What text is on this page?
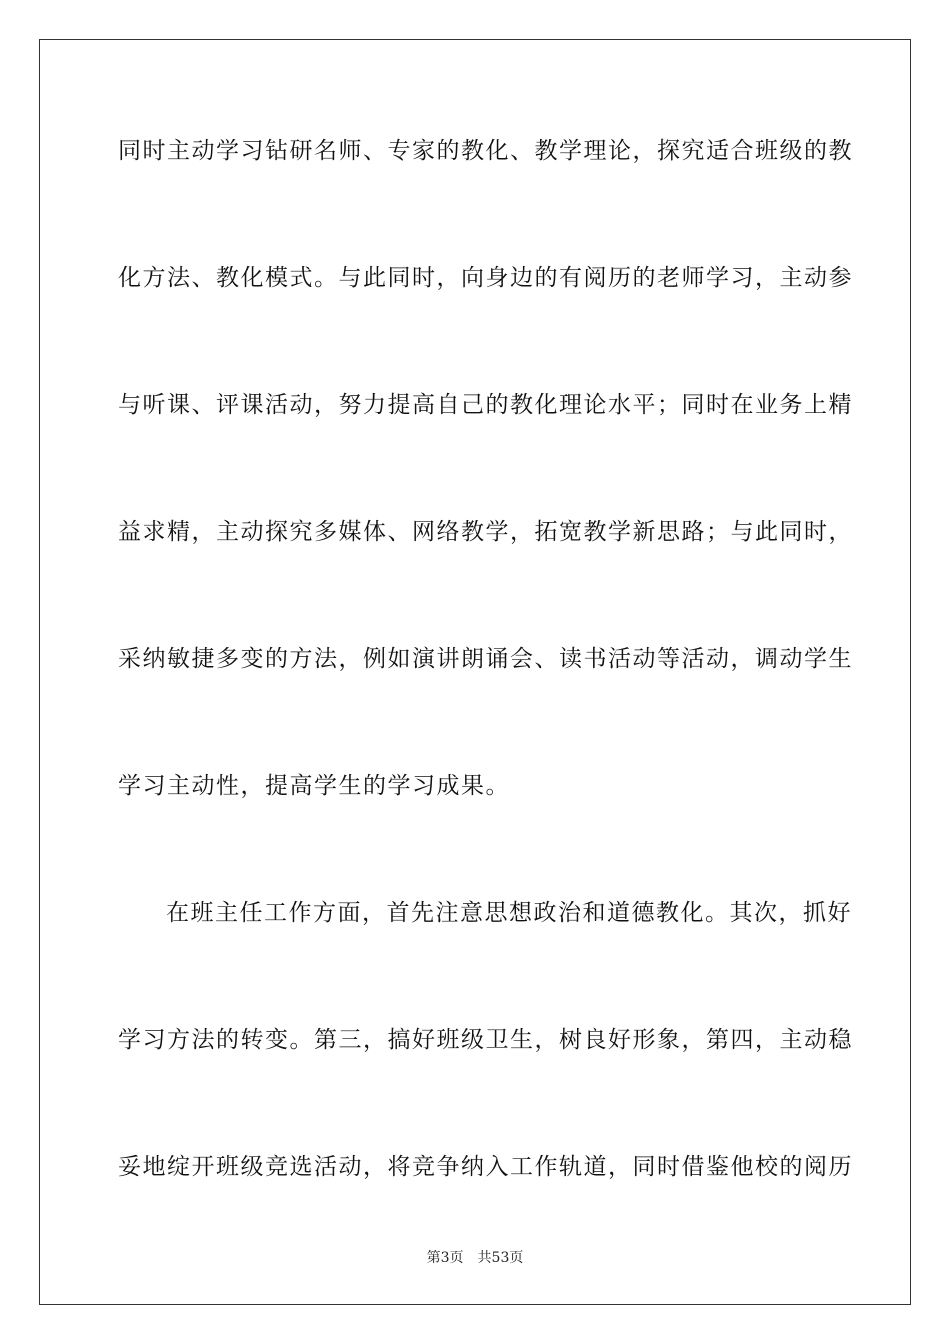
同时主动学习钻研名师、专家的教化、教学理论，探究适合班级的教
化方法、教化模式。与此同时，向身边的有阅历的老师学习，主动参
与听课、评课活动，努力提高自己的教化理论水平；同时在业务上精
益求精，主动探究多媒体、网络教学，拓宽教学新思路；与此同时，
采纳敏捷多变的方法，例如演讲朗诵会、读书活动等活动，调动学生
学习主动性，提高学生的学习成果。
在班主任工作方面，首先注意思想政治和道德教化。其次，抓好
学习方法的转变。第三，搞好班级卫生，树良好形象，第四，主动稳
妥地绽开班级竞选活动，将竞争纳入工作轨道，同时借鉴他校的阅历
第3页 共53页
